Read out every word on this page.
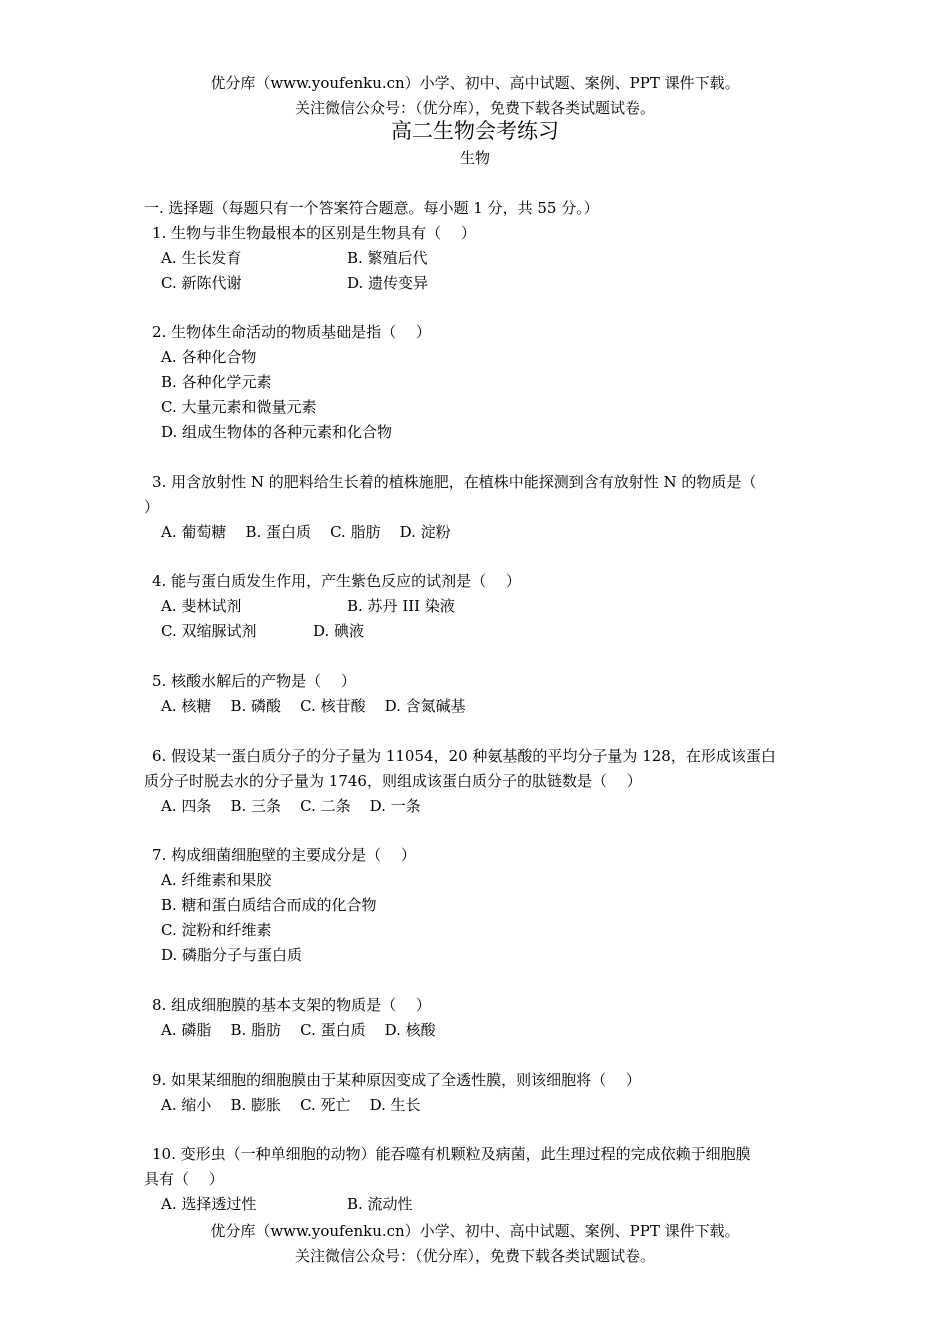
优分库（www.youfenku.cn）小学、初中、高中试题、案例、PPT 课件下载。
关注微信公众号：（优分库），免费下载各类试题试卷。
高二生物会考练习
生物
一. 选择题（每题只有一个答案符合题意。每小题 1 分，共 55 分。）
1. 生物与非生物最根本的区别是生物具有（　 ）
A. 生长发育	B. 繁殖后代
C. 新陈代谢	D. 遗传变异
2. 生物体生命活动的物质基础是指（　 ）
A. 各种化合物
B. 各种化学元素
C. 大量元素和微量元素
D. 组成生物体的各种元素和化合物
3. 用含放射性 N 的肥料给生长着的植株施肥，在植株中能探测到含有放射性 N 的物质是（
）
A. 葡萄糖 B. 蛋白质 C. 脂肪 D. 淀粉
4. 能与蛋白质发生作用，产生紫色反应的试剂是（　 ）
A. 斐林试剂	B. 苏丹 III 染液
C. 双缩脲试剂	D. 碘液
5. 核酸水解后的产物是（　 ）
A. 核糖 B. 磷酸 C. 核苷酸 D. 含氮碱基
6. 假设某一蛋白质分子的分子量为 11054，20 种氨基酸的平均分子量为 128，在形成该蛋白
质分子时脱去水的分子量为 1746，则组成该蛋白质分子的肽链数是（　 ）
A. 四条 B. 三条 C. 二条 D. 一条
7. 构成细菌细胞壁的主要成分是（　 ）
A. 纤维素和果胶
B. 糖和蛋白质结合而成的化合物
C. 淀粉和纤维素
D. 磷脂分子与蛋白质
8. 组成细胞膜的基本支架的物质是（　 ）
A. 磷脂 B. 脂肪 C. 蛋白质 D. 核酸
9. 如果某细胞的细胞膜由于某种原因变成了全透性膜，则该细胞将（　 ）
A. 缩小 B. 膨胀 C. 死亡 D. 生长
10. 变形虫（一种单细胞的动物）能吞噬有机颗粒及病菌，此生理过程的完成依赖于细胞膜
具有（　 ）
A. 选择透过性	B. 流动性
优分库（www.youfenku.cn）小学、初中、高中试题、案例、PPT 课件下载。
关注微信公众号：（优分库），免费下载各类试题试卷。
